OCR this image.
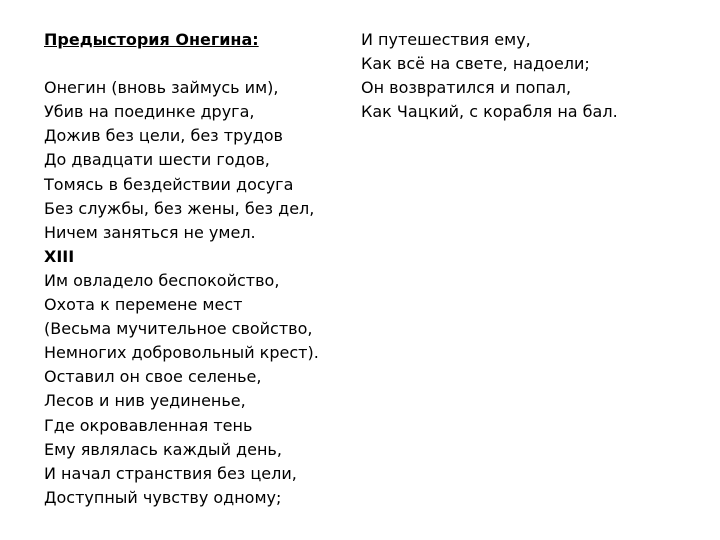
Предыстория Онегина:

Онегин (вновь займусь им),

Убив на поединке друга,

Дожив без цели, без трудов

До двадцати шести годов,

Томясь в бездействии досуга

Без службы, без жены, без дел,

Ничем заняться не умел.

XIII

Им овладело беспокойство,

Охота к перемене мест

(Весьма мучительное свойство,

Немногих добровольный крест).

Оставил он свое селенье,

Лесов и нив уединенье,

Где окровавленная тень

Ему являлась каждый день,

И начал странствия без цели,

Доступный чувству одному;

И путешествия ему,

Как всё на свете, надоели;

Он возвратился и попал,

Как Чацкий, с корабля на бал.
